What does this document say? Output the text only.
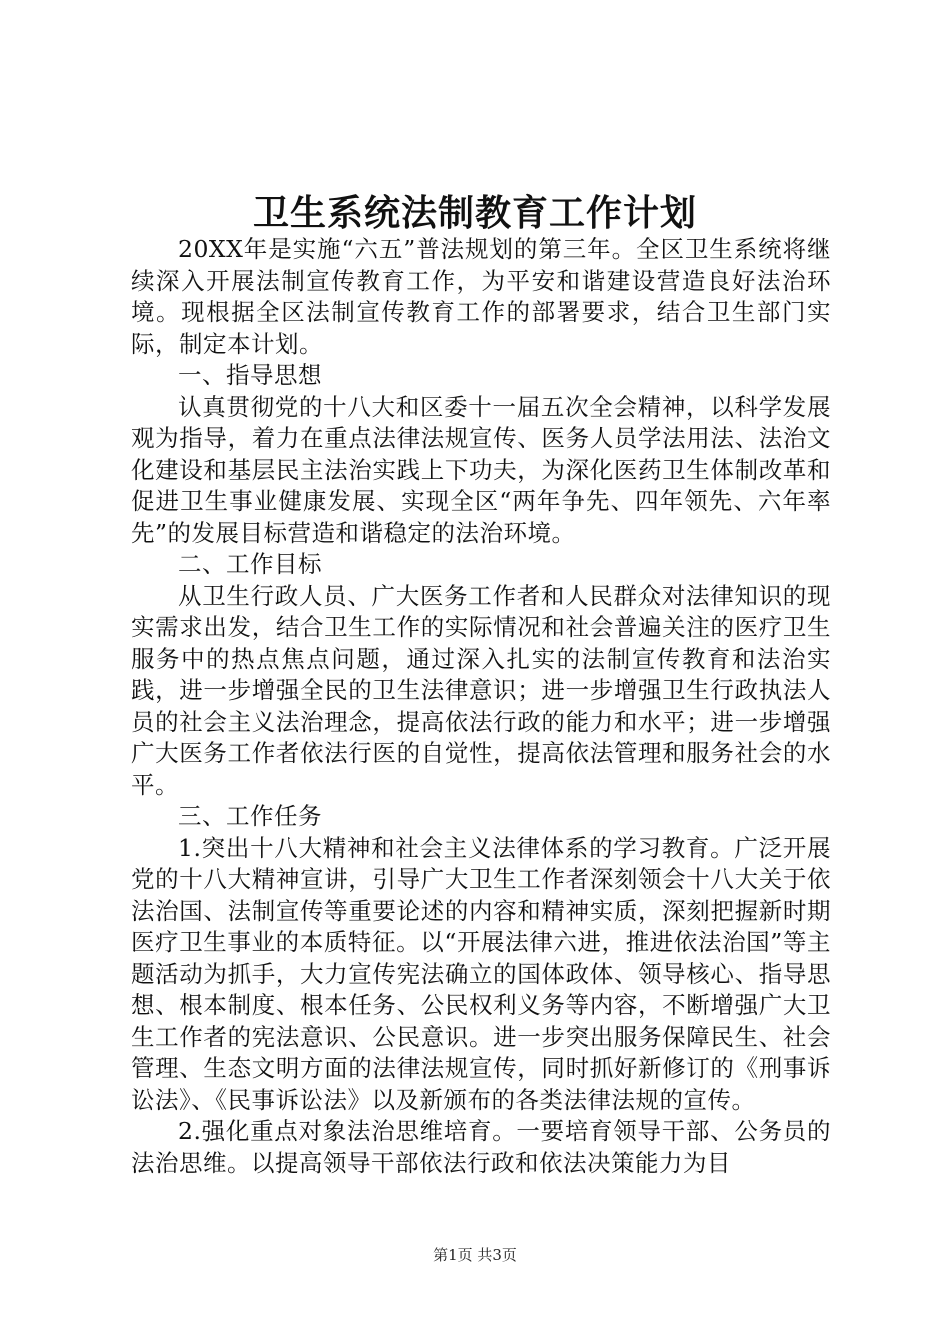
卫生系统法制教育工作计划

20XX年是实施“六五”普法规划的第三年。全区卫生系统将继续深入开展法制宣传教育工作，为平安和谐建设营造良好法治环境。现根据全区法制宣传教育工作的部署要求，结合卫生部门实际，制定本计划。

一、指导思想

认真贯彻党的十八大和区委十一届五次全会精神，以科学发展观为指导，着力在重点法律法规宣传、医务人员学法用法、法治文化建设和基层民主法治实践上下功夫，为深化医药卫生体制改革和促进卫生事业健康发展、实现全区“两年争先、四年领先、六年率先”的发展目标营造和谐稳定的法治环境。

二、工作目标

从卫生行政人员、广大医务工作者和人民群众对法律知识的现实需求出发，结合卫生工作的实际情况和社会普遍关注的医疗卫生服务中的热点焦点问题，通过深入扎实的法制宣传教育和法治实践，进一步增强全民的卫生法律意识；进一步增强卫生行政执法人员的社会主义法治理念，提高依法行政的能力和水平；进一步增强广大医务工作者依法行医的自觉性，提高依法管理和服务社会的水平。

三、工作任务

1.突出十八大精神和社会主义法律体系的学习教育。广泛开展党的十八大精神宣讲，引导广大卫生工作者深刻领会十八大关于依法治国、法制宣传等重要论述的内容和精神实质，深刻把握新时期医疗卫生事业的本质特征。以“开展法律六进，推进依法治国”等主题活动为抓手，大力宣传宪法确立的国体政体、领导核心、指导思想、根本制度、根本任务、公民权利义务等内容，不断增强广大卫生工作者的宪法意识、公民意识。进一步突出服务保障民生、社会管理、生态文明方面的法律法规宣传，同时抓好新修订的《刑事诉讼法》、《民事诉讼法》以及新颁布的各类法律法规的宣传。

2.强化重点对象法治思维培育。一要培育领导干部、公务员的法治思维。以提高领导干部依法行政和依法决策能力为目

第1页 共3页
